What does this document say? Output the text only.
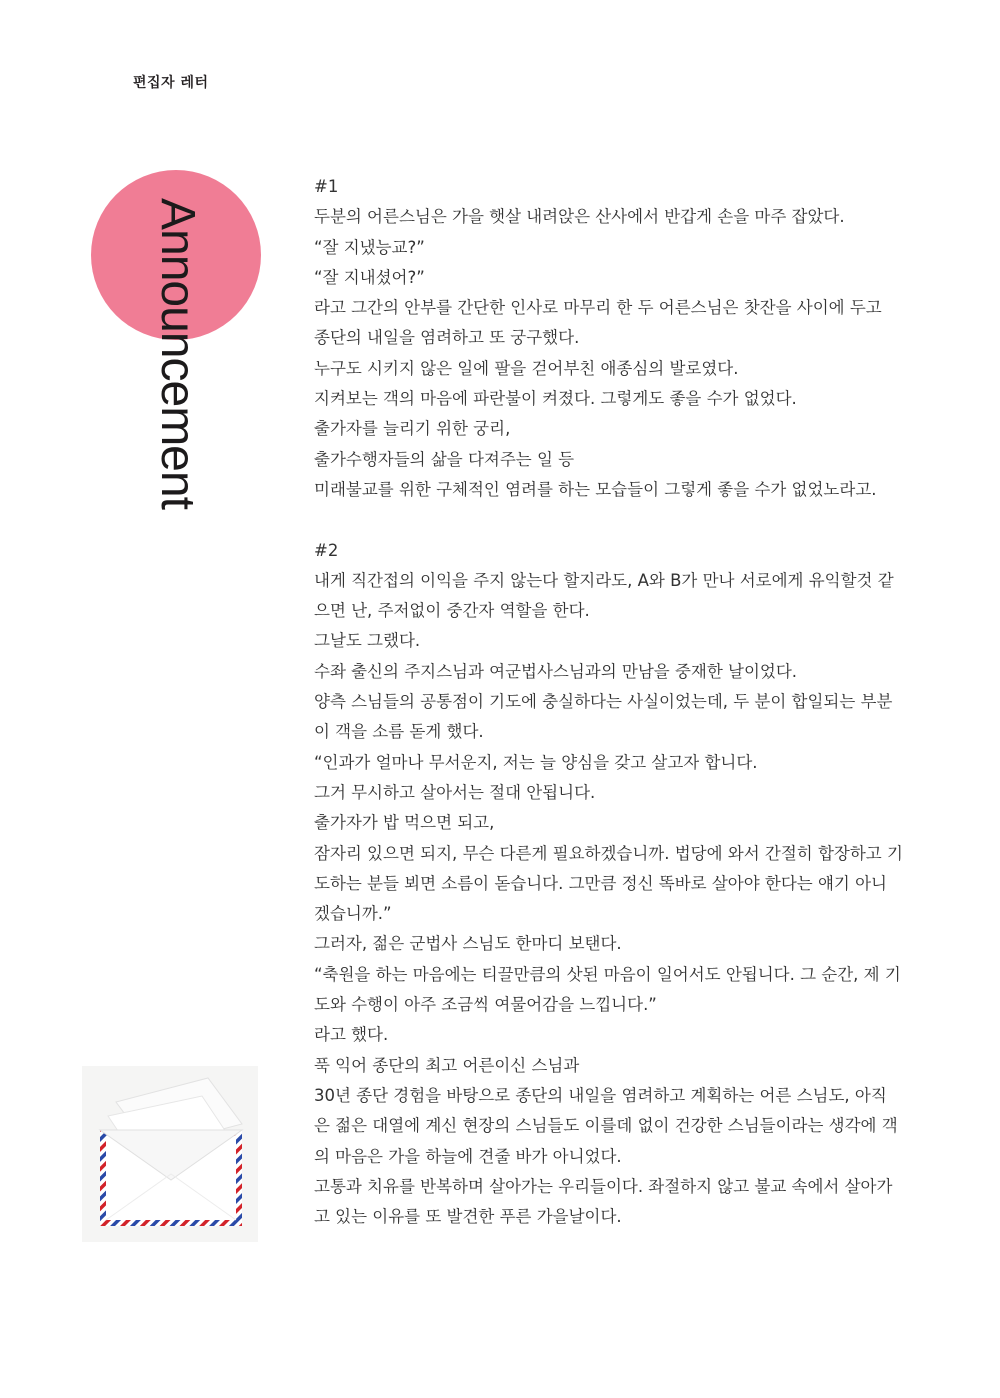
편집자 레터
Announcement
#1
두분의 어른스님은 가을 햇살 내려앉은 산사에서 반갑게 손을 마주 잡았다.
“잘 지냈능교?”
“잘 지내셨어?”
라고 그간의 안부를 간단한 인사로 마무리 한 두 어른스님은 찻잔을 사이에 두고
종단의 내일을 염려하고 또 궁구했다.
누구도 시키지 않은 일에 팔을 걷어부친 애종심의 발로였다.
지켜보는 객의 마음에 파란불이 켜졌다. 그렇게도 좋을 수가 없었다.
출가자를 늘리기 위한 궁리,
출가수행자들의 삶을 다져주는 일 등
미래불교를 위한 구체적인 염려를 하는 모습들이 그렇게 좋을 수가 없었노라고.
#2
내게 직간접의 이익을 주지 않는다 할지라도, A와 B가 만나 서로에게 유익할것 같
으면 난, 주저없이 중간자 역할을 한다.
그날도 그랬다.
수좌 출신의 주지스님과 여군법사스님과의 만남을 중재한 날이었다.
양측 스님들의 공통점이 기도에 충실하다는 사실이었는데, 두 분이 합일되는 부분
이 객을 소름 돋게 했다.
“인과가 얼마나 무서운지, 저는 늘 양심을 갖고 살고자 합니다.
그거 무시하고 살아서는 절대 안됩니다.
출가자가 밥 먹으면 되고,
잠자리 있으면 되지, 무슨 다른게 필요하겠습니까. 법당에 와서 간절히 합장하고 기
도하는 분들 뵈면 소름이 돋습니다. 그만큼 정신 똑바로 살아야 한다는 얘기 아니
겠습니까.”
그러자, 젊은 군법사 스님도 한마디 보탠다.
“축원을 하는 마음에는 티끌만큼의 삿된 마음이 일어서도 안됩니다. 그 순간, 제 기
도와 수행이 아주 조금씩 여물어감을 느낍니다.”
라고 했다.
푹 익어 종단의 최고 어른이신 스님과
30년 종단 경험을 바탕으로 종단의 내일을 염려하고 계획하는 어른 스님도, 아직
은 젊은 대열에 계신 현장의 스님들도 이를데 없이 건강한 스님들이라는 생각에 객
의 마음은 가을 하늘에 견줄 바가 아니었다.
고통과 치유를 반복하며 살아가는 우리들이다. 좌절하지 않고 불교 속에서 살아가
고 있는 이유를 또 발견한 푸른 가을날이다.
